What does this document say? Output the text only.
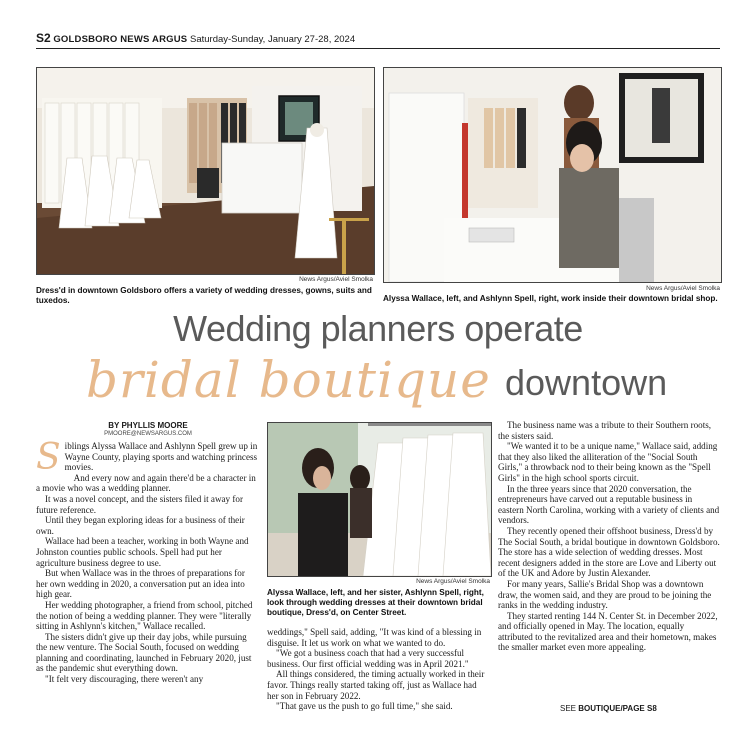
S2 GOLDSBORO NEWS ARGUS Saturday-Sunday, January 27-28, 2024
News Argus/Aviel Smolka
Dress'd in downtown Goldsboro offers a variety of wedding dresses, gowns, suits and tuxedos.
News Argus/Aviel Smolka
Alyssa Wallace, left, and Ashlynn Spell, right, work inside their downtown bridal shop.
Wedding planners operate
bridal boutique downtown
BY PHYLLIS MOORE
PMOORE@NEWSARGUS.COM
S iblings Alyssa Wallace and Ashlynn Spell grew up in Wayne County, playing sports and watching princess movies.

And every now and again there'd be a character in a movie who was a wedding planner.

It was a novel concept, and the sisters filed it away for future reference.

Until they began exploring ideas for a business of their own.

Wallace had been a teacher, working in both Wayne and Johnston counties public schools. Spell had put her agriculture business degree to use.

But when Wallace was in the throes of preparations for her own wedding in 2020, a conversation put an idea into high gear.

Her wedding photographer, a friend from school, pitched the notion of being a wedding planner. They were "literally sitting in Ashlynn's kitchen," Wallace recalled.

The sisters didn't give up their day jobs, while pursuing the new venture. The Social South, focused on wedding planning and coordinating, launched in February 2020, just as the pandemic shut everything down.

"It felt very discouraging, there weren't any

News Argus/Aviel Smolka
Alyssa Wallace, left, and her sister, Ashlynn Spell, right, look through wedding dresses at their downtown bridal boutique, Dress'd, on Center Street.

weddings," Spell said, adding, "It was kind of a blessing in disguise. It let us work on what we wanted to do.

"We got a business coach that had a very successful business. Our first official wedding was in April 2021."

All things considered, the timing actually worked in their favor. Things really started taking off, just as Wallace had her son in February 2022.

"That gave us the push to go full time," she said.

The business name was a tribute to their Southern roots, the sisters said.

"We wanted it to be a unique name," Wallace said, adding that they also liked the alliteration of the "Social South Girls," a throwback nod to their being known as the "Spell Girls" in the high school sports circuit.

In the three years since that 2020 conversation, the entrepreneurs have carved out a reputable business in eastern North Carolina, working with a variety of clients and vendors.

They recently opened their offshoot business, Dress'd by The Social South, a bridal boutique in downtown Goldsboro. The store has a wide selection of wedding dresses. Most recent designers added in the store are Love and Liberty out of the UK and Adore by Justin Alexander.

For many years, Sallie's Bridal Shop was a downtown draw, the women said, and they are proud to be joining the ranks in the wedding industry.

They started renting 144 N. Center St. in December 2022, and officially opened in May. The location, equally attributed to the revitalized area and their hometown, makes the smaller market even more appealing.

SEE BOUTIQUE/PAGE S8
